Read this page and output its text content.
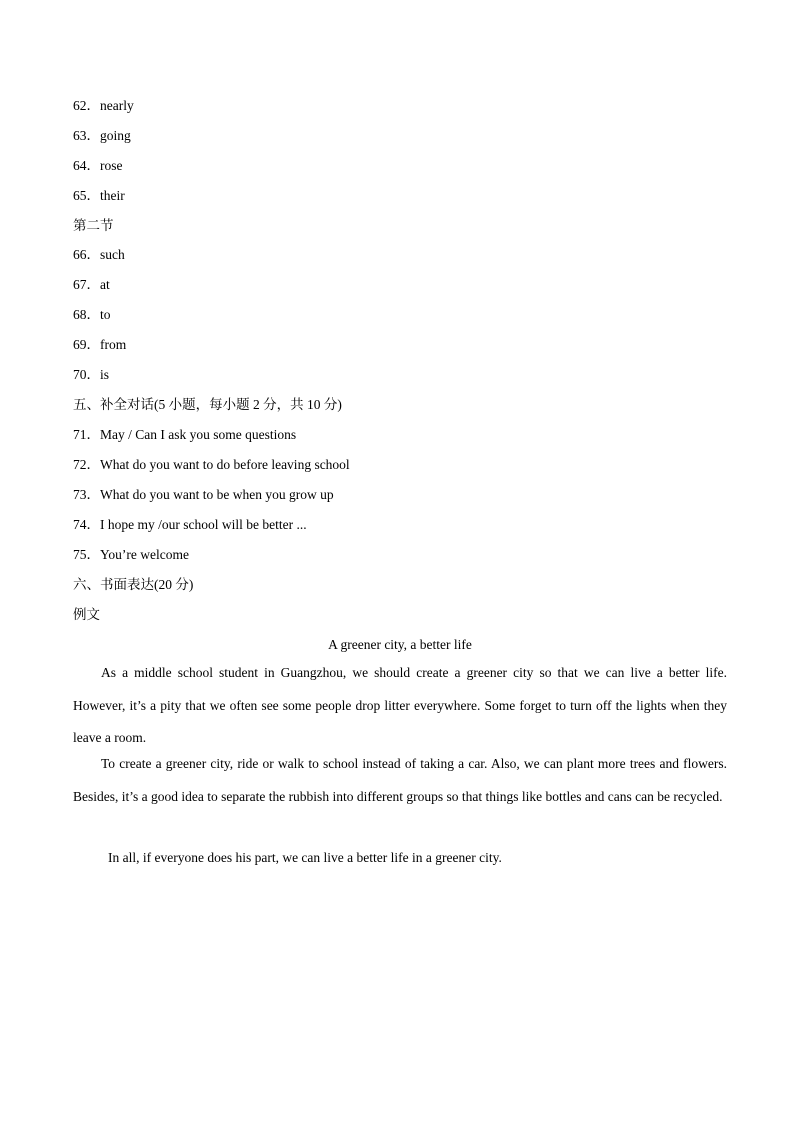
62．nearly
63．going
64．rose
65．their
第二节
66．such
67．at
68．to
69．from
70．is
五、补全对话(5 小题，每小题 2 分，共 10 分)
71．May / Can I ask you some questions
72．What do you want to do before leaving school
73．What do you want to be when you grow up
74．I hope my /our school will be better ...
75．You’re welcome
六、书面表达(20 分)
例文
A greener city, a better life

As a middle school student in Guangzhou, we should create a greener city so that we can live a better life. However, it’s a pity that we often see some people drop litter everywhere. Some forget to turn off the lights when they leave a room.

To create a greener city, ride or walk to school instead of taking a car. Also, we can plant more trees and flowers. Besides, it’s a good idea to separate the rubbish into different groups so that things like bottles and cans can be recycled.

In all, if everyone does his part, we can live a better life in a greener city.
